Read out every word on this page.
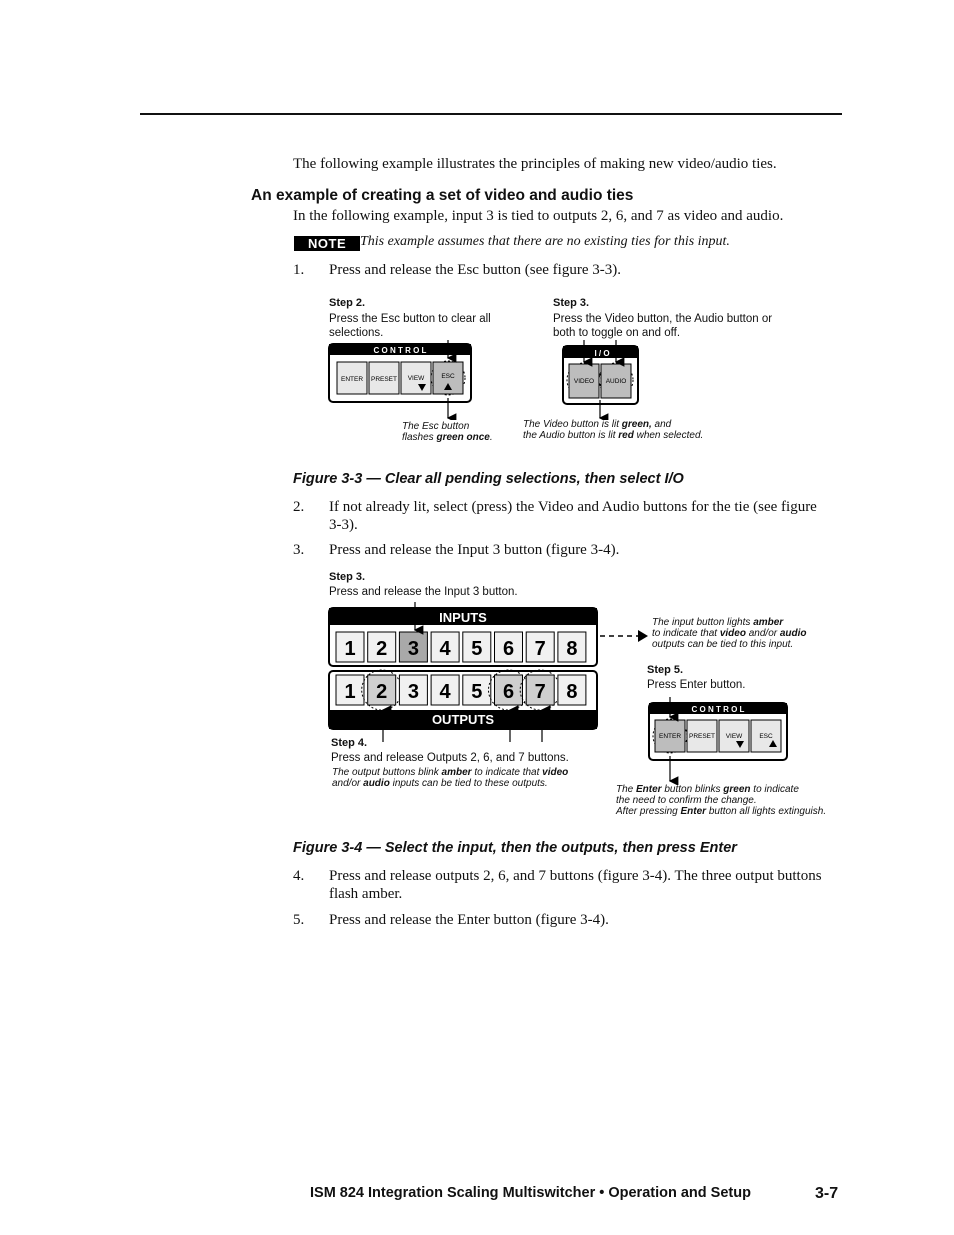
The following example illustrates the principles of making new video/audio ties.
An example of creating a set of video and audio ties
In the following example, input 3 is tied to outputs 2, 6, and 7 as video and audio.
NOTE This example assumes that there are no existing ties for this input.
1. Press and release the Esc button (see figure 3-3).
Step 2.
Press the Esc button to clear all selections.
Step 3.
Press the Video button, the Audio button or both to toggle on and off.
C O N T R O L
ENTER PRESET VIEW	ESC
I / O
VIDEO AUDIO
The Esc button
flashes green once.
The Video button is lit green, and
the Audio button is lit red when selected.
Figure 3-3 — Clear all pending selections, then select I/O
2. If not already lit, select (press) the Video and Audio buttons for the tie (see figure 3-3).
3. Press and release the Input 3 button (figure 3-4).
Step 3.
Press and release the Input 3 button.
INPUTS
1 2 3 4 5 6 7 8
OUTPUTS
1 2 3 4 5 6 7 8
The input button lights amber
to indicate that video and/or audio
outputs can be tied to this input.
Step 5.
Press Enter button.
C O N T R O L
ENTER PRESET VIEW	ESC
Step 4.
Press and release Outputs 2, 6, and 7 buttons.
The output buttons blink amber to indicate that video
and/or audio inputs can be tied to these outputs.
The Enter button blinks green to indicate
the need to confirm the change.
After pressing Enter button all lights extinguish.
Figure 3-4 — Select the input, then the outputs, then press Enter
4. Press and release outputs 2, 6, and 7 buttons (figure 3-4). The three output buttons flash amber.
5. Press and release the Enter button (figure 3-4).
ISM 824 Integration Scaling Multiswitcher • Operation and Setup	3-7
